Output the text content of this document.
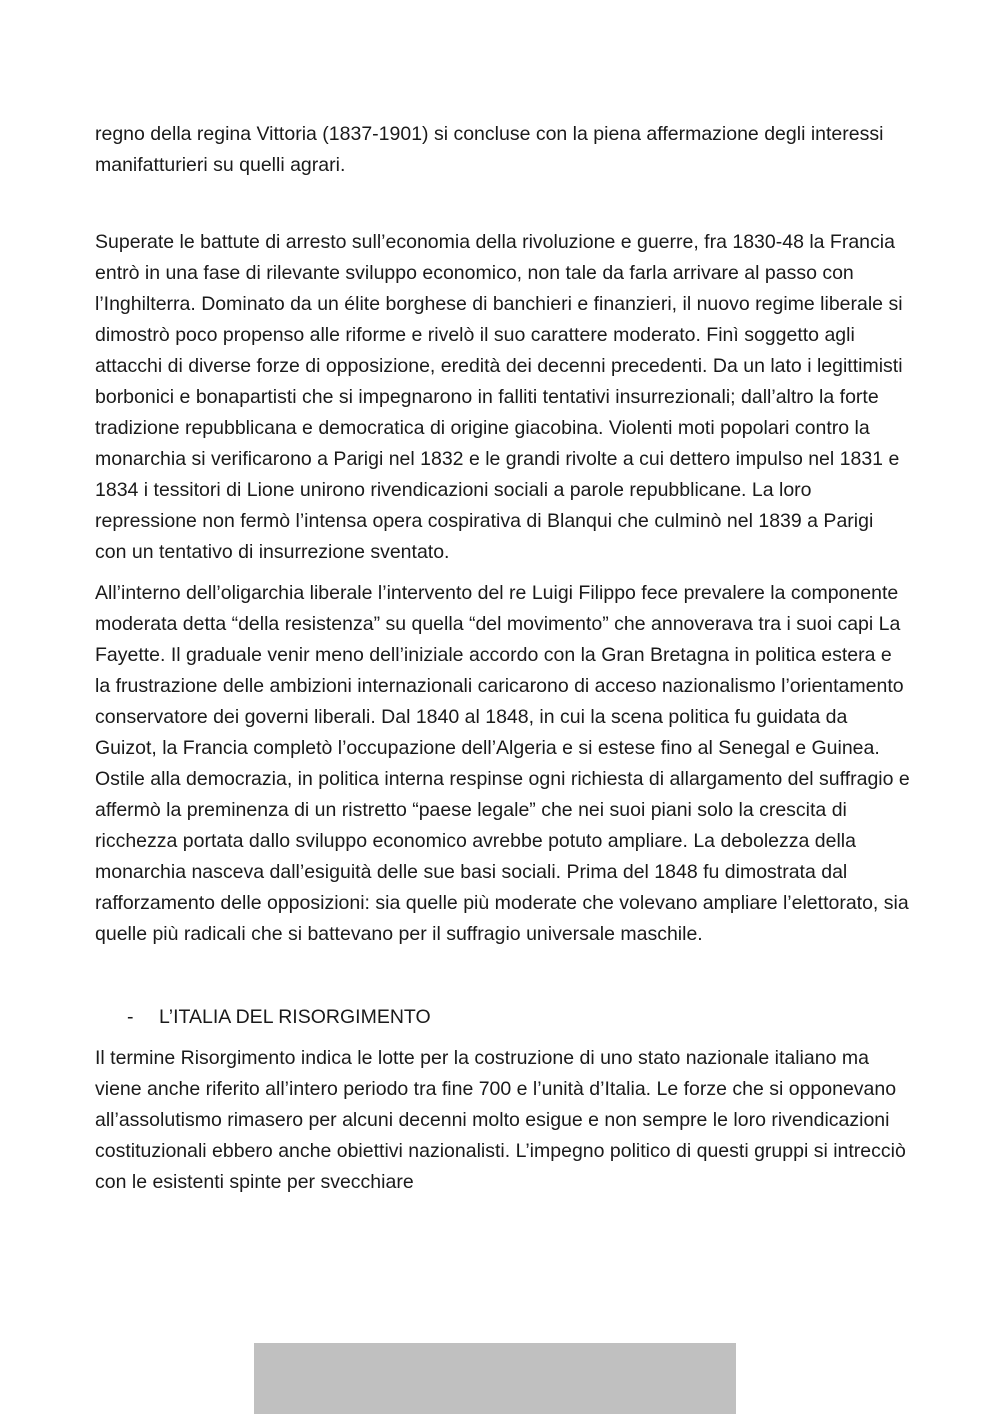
regno della regina Vittoria (1837-1901) si concluse con la piena affermazione degli interessi manifatturieri su quelli agrari.

Superate le battute di arresto sull’economia della rivoluzione e guerre, fra 1830-48 la Francia entrò in una fase di rilevante sviluppo economico, non tale da farla arrivare al passo con l’Inghilterra. Dominato da un élite borghese di banchieri e finanzieri, il nuovo regime liberale si dimostrò poco propenso alle riforme e rivelò il suo carattere moderato. Finì soggetto agli attacchi di diverse forze di opposizione, eredità dei decenni precedenti. Da un lato i legittimisti borbonici e bonapartisti che si impegnarono in falliti tentativi insurrezionali; dall’altro la forte tradizione repubblicana e democratica di origine giacobina. Violenti moti popolari contro la monarchia si verificarono a Parigi nel 1832 e le grandi rivolte a cui dettero impulso nel 1831 e 1834 i tessitori di Lione unirono rivendicazioni sociali a parole repubblicane. La loro repressione non fermò l’intensa opera cospirativa di Blanqui che culminò nel 1839 a Parigi con un tentativo di insurrezione sventato.

All’interno dell’oligarchia liberale l’intervento del re Luigi Filippo fece prevalere la componente moderata detta “della resistenza” su quella “del movimento” che annoverava tra i suoi capi La Fayette. Il graduale venir meno dell’iniziale accordo con la Gran Bretagna in politica estera e la frustrazione delle ambizioni internazionali caricarono di acceso nazionalismo l’orientamento conservatore dei governi liberali. Dal 1840 al 1848, in cui la scena politica fu guidata da Guizot, la Francia completò l’occupazione dell’Algeria e si estese fino al Senegal e Guinea. Ostile alla democrazia, in politica interna respinse ogni richiesta di allargamento del suffragio e affermò la preminenza di un ristretto “paese legale” che nei suoi piani solo la crescita di ricchezza portata dallo sviluppo economico avrebbe potuto ampliare. La debolezza della monarchia nasceva dall’esiguità delle sue basi sociali. Prima del 1848 fu dimostrata dal rafforzamento delle opposizioni: sia quelle più moderate che volevano ampliare l’elettorato, sia quelle più radicali che si battevano per il suffragio universale maschile.

-	L’ITALIA DEL RISORGIMENTO

Il termine Risorgimento indica le lotte per la costruzione di uno stato nazionale italiano ma viene anche riferito all’intero periodo tra fine 700 e l’unità d’Italia. Le forze che si opponevano all’assolutismo rimasero per alcuni decenni molto esigue e non sempre le loro rivendicazioni costituzionali ebbero anche obiettivi nazionalisti. L’impegno politico di questi gruppi si intrecciò con le esistenti spinte per svecchiare
